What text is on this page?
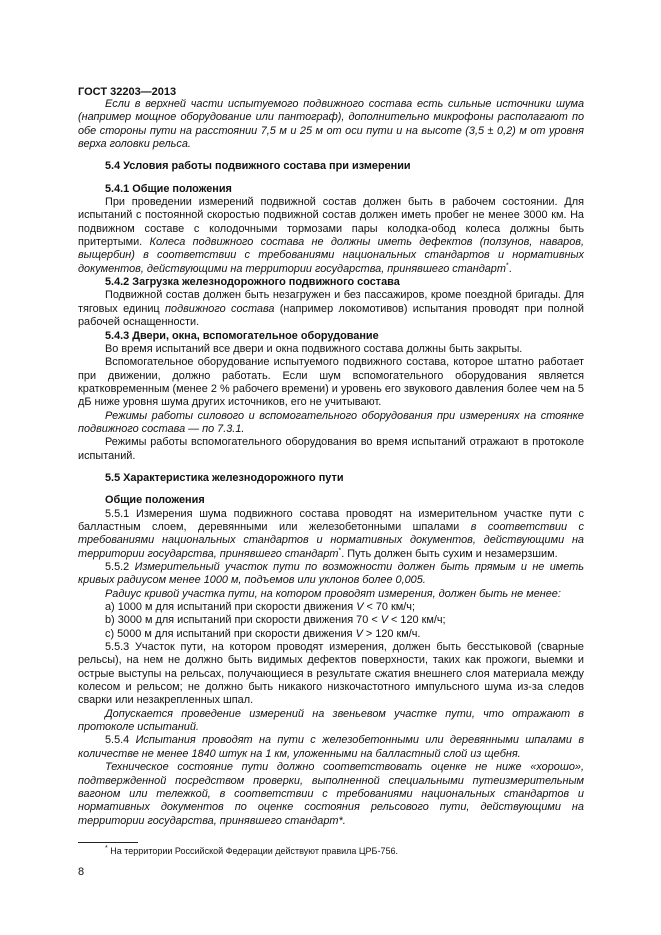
ГОСТ 32203—2013

Если в верхней части испытуемого подвижного состава есть сильные источники шума (например мощное оборудование или пантограф), дополнительно микрофоны располагают по обе стороны пути на расстоянии 7,5 м и 25 м от оси пути и на высоте (3,5 ± 0,2) м от уровня верха головки рельса.

5.4 Условия работы подвижного состава при измерении

5.4.1 Общие положения

При проведении измерений подвижной состав должен быть в рабочем состоянии. Для испытаний с постоянной скоростью подвижной состав должен иметь пробег не менее 3000 км. На подвижном составе с колодочными тормозами пары колодка-обод колеса должны быть притертыми. Колеса подвижного состава не должны иметь дефектов (ползунов, наваров, выщербин) в соответствии с требованиями национальных стандартов и нормативных документов, действующими на территории государства, принявшего стандарт*.

5.4.2 Загрузка железнодорожного подвижного состава

Подвижной состав должен быть незагружен и без пассажиров, кроме поездной бригады. Для тяговых единиц подвижного состава (например локомотивов) испытания проводят при полной рабочей оснащенности.

5.4.3 Двери, окна, вспомогательное оборудование

Во время испытаний все двери и окна подвижного состава должны быть закрыты.

Вспомогательное оборудование испытуемого подвижного состава, которое штатно работает при движении, должно работать. Если шум вспомогательного оборудования является кратковременным (менее 2 % рабочего времени) и уровень его звукового давления более чем на 5 дБ ниже уровня шума других источников, его не учитывают.

Режимы работы силового и вспомогательного оборудования при измерениях на стоянке подвижного состава — по 7.3.1.

Режимы работы вспомогательного оборудования во время испытаний отражают в протоколе испытаний.

5.5 Характеристика железнодорожного пути

Общие положения

5.5.1 Измерения шума подвижного состава проводят на измерительном участке пути с балластным слоем, деревянными или железобетонными шпалами в соответствии с требованиями национальных стандартов и нормативных документов, действующими на территории государства, принявшего стандарт*. Путь должен быть сухим и незамерзшим.

5.5.2 Измерительный участок пути по возможности должен быть прямым и не иметь кривых радиусом менее 1000 м, подъемов или уклонов более 0,005.

Радиус кривой участка пути, на котором проводят измерения, должен быть не менее:

a) 1000 м для испытаний при скорости движения V < 70 км/ч;

b) 3000 м для испытаний при скорости движения 70 < V < 120 км/ч;

c) 5000 м для испытаний при скорости движения V > 120 км/ч.

5.5.3 Участок пути, на котором проводят измерения, должен быть бесстыковой (сварные рельсы), на нем не должно быть видимых дефектов поверхности, таких как прожоги, выемки и острые выступы на рельсах, получающиеся в результате сжатия внешнего слоя материала между колесом и рельсом; не должно быть никакого низкочастотного импульсного шума из-за следов сварки или незакрепленных шпал.

Допускается проведение измерений на звеньевом участке пути, что отражают в протоколе испытаний.

5.5.4 Испытания проводят на пути с железобетонными или деревянными шпалами в количестве не менее 1840 штук на 1 км, уложенными на балластный слой из щебня.

Техническое состояние пути должно соответствовать оценке не ниже «хорошо», подтвержденной посредством проверки, выполненной специальными путеизмерительным вагоном или тележкой, в соответствии с требованиями национальных стандартов и нормативных документов по оценке состояния рельсового пути, действующими на территории государства, принявшего стандарт*.

* На территории Российской Федерации действуют правила ЦРБ-756.
8
